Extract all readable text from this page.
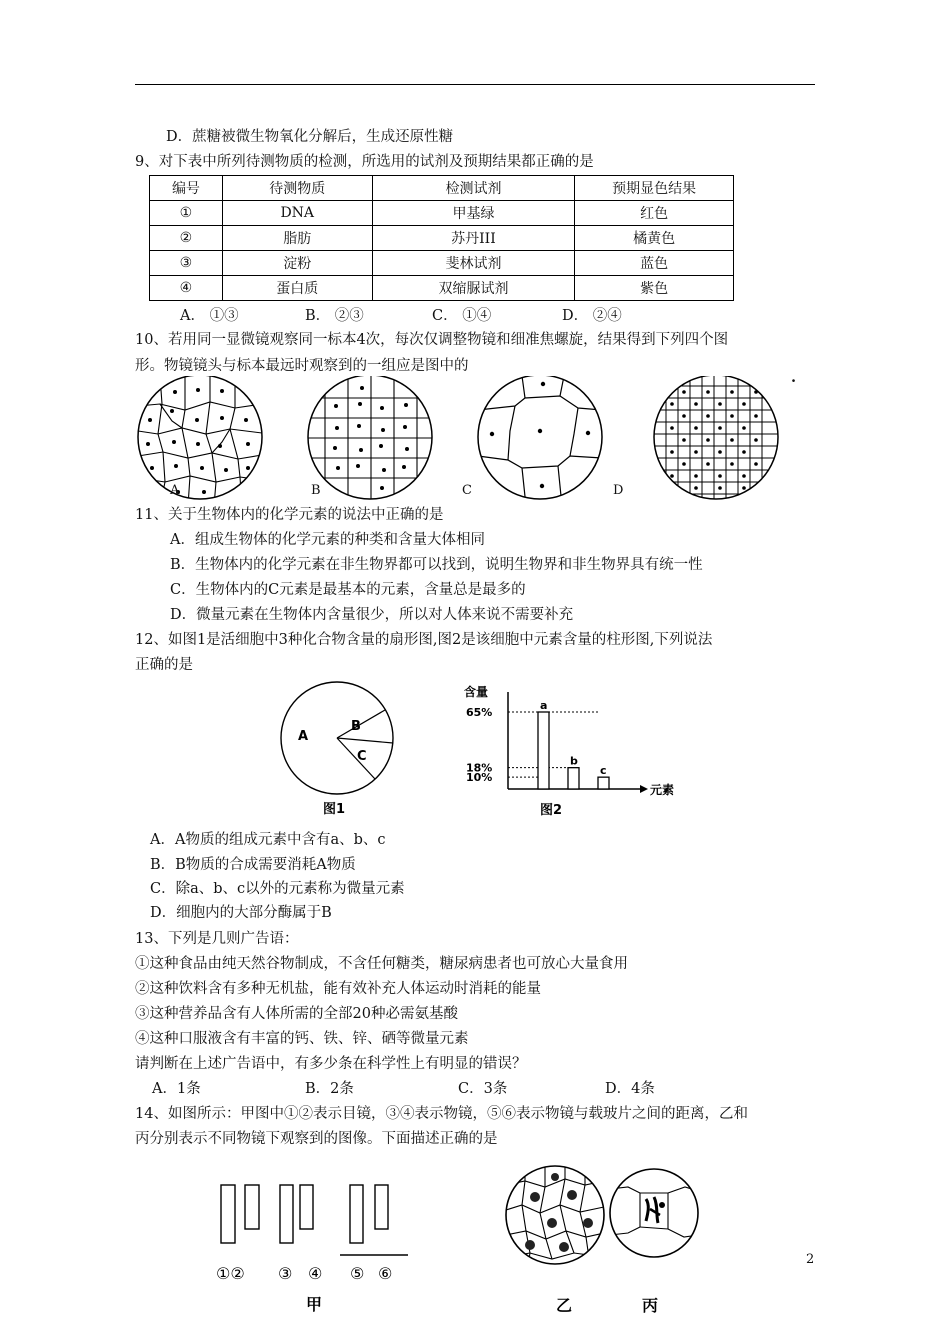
D．蔗糖被微生物氧化分解后，生成还原性糖
9、对下表中所列待测物质的检测，所选用的试剂及预期结果都正确的是
编号	待测物质	检测试剂	预期显色结果
①	DNA	甲基绿	红色
②	脂肪	苏丹III	橘黄色
③	淀粉	斐林试剂	蓝色
④	蛋白质	双缩脲试剂	紫色
A． ①③	B． ②③	C． ①④	D． ②④
10、若用同一显微镜观察同一标本4次，每次仅调整物镜和细准焦螺旋，结果得到下列四个图
形。物镜镜头与标本最远时观察到的一组应是图中的
A	B	C	D
·
11、关于生物体内的化学元素的说法中正确的是
A．组成生物体的化学元素的种类和含量大体相同
B．生物体内的化学元素在非生物界都可以找到，说明生物界和非生物界具有统一性
C．生物体内的C元素是最基本的元素，含量总是最多的
D．微量元素在生物体内含量很少，所以对人体来说不需要补充
12、如图1是活细胞中3种化合物含量的扇形图,图2是该细胞中元素含量的柱形图,下列说法
正确的是
A
B
C
图1
含量
元素
10%
18%
65%
a
b
c
图2
A．A物质的组成元素中含有a、b、c
B．B物质的合成需要消耗A物质
C．除a、b、c以外的元素称为微量元素
D．细胞内的大部分酶属于B
13、下列是几则广告语：
①这种食品由纯天然谷物制成，不含任何糖类，糖尿病患者也可放心大量食用
②这种饮料含有多种无机盐，能有效补充人体运动时消耗的能量
③这种营养品含有人体所需的全部20种必需氨基酸
④这种口服液含有丰富的钙、铁、锌、硒等微量元素
请判断在上述广告语中，有多少条在科学性上有明显的错误？
A．1条	B．2条	C．3条	D．4条
14、如图所示：甲图中①②表示目镜，③④表示物镜，⑤⑥表示物镜与载玻片之间的距离，乙和
丙分别表示不同物镜下观察到的图像。下面描述正确的是
①② ③ ④ ⑤ ⑥
甲	乙	丙
2
